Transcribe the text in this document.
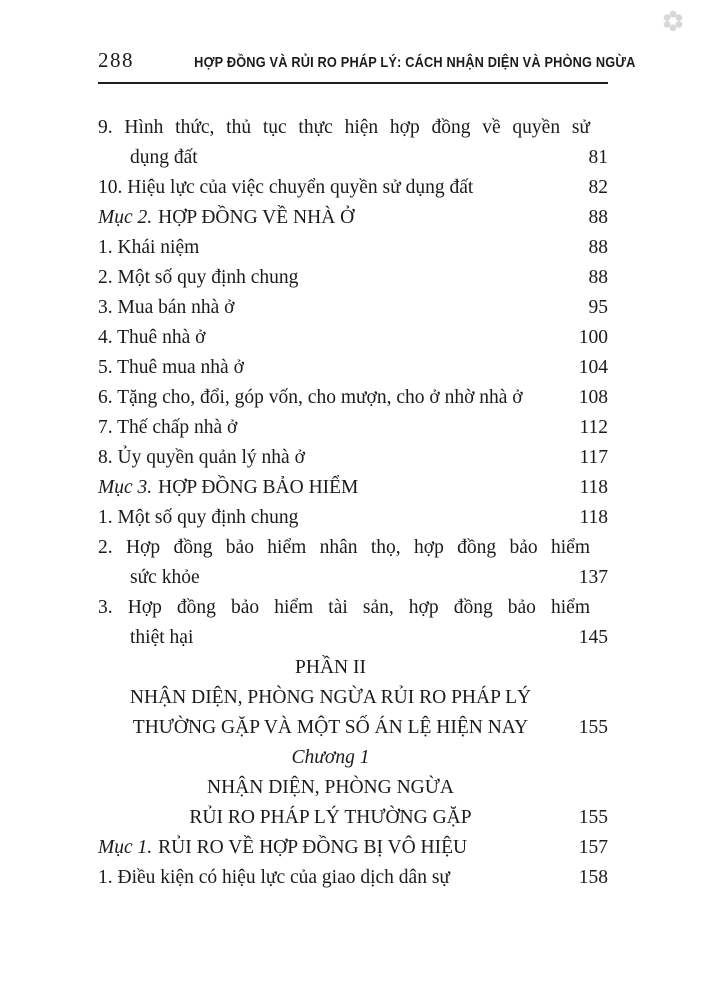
288	HỢP ĐỒNG VÀ RỦI RO PHÁP LÝ: CÁCH NHẬN DIỆN VÀ PHÒNG NGỪA
9. Hình thức, thủ tục thực hiện hợp đồng về quyền sử
dụng đất	81
10. Hiệu lực của việc chuyển quyền sử dụng đất	82
Mục 2. HỢP ĐỒNG VỀ NHÀ Ở	88
1. Khái niệm	88
2. Một số quy định chung	88
3. Mua bán nhà ở	95
4. Thuê nhà ở	100
5. Thuê mua nhà ở	104
6. Tặng cho, đổi, góp vốn, cho mượn, cho ở nhờ nhà ở	108
7. Thế chấp nhà ở	112
8. Ủy quyền quản lý nhà ở	117
Mục 3. HỢP ĐỒNG BẢO HIỂM	118
1. Một số quy định chung	118
2. Hợp đồng bảo hiểm nhân thọ, hợp đồng bảo hiểm
sức khỏe	137
3. Hợp đồng bảo hiểm tài sản, hợp đồng bảo hiểm
thiệt hại	145
PHẦN II
NHẬN DIỆN, PHÒNG NGỪA RỦI RO PHÁP LÝ
THƯỜNG GẶP VÀ MỘT SỐ ÁN LỆ HIỆN NAY	155
Chương 1
NHẬN DIỆN, PHÒNG NGỪA
RỦI RO PHÁP LÝ THƯỜNG GẶP	155
Mục 1. RỦI RO VỀ HỢP ĐỒNG BỊ VÔ HIỆU	157
1. Điều kiện có hiệu lực của giao dịch dân sự	158
